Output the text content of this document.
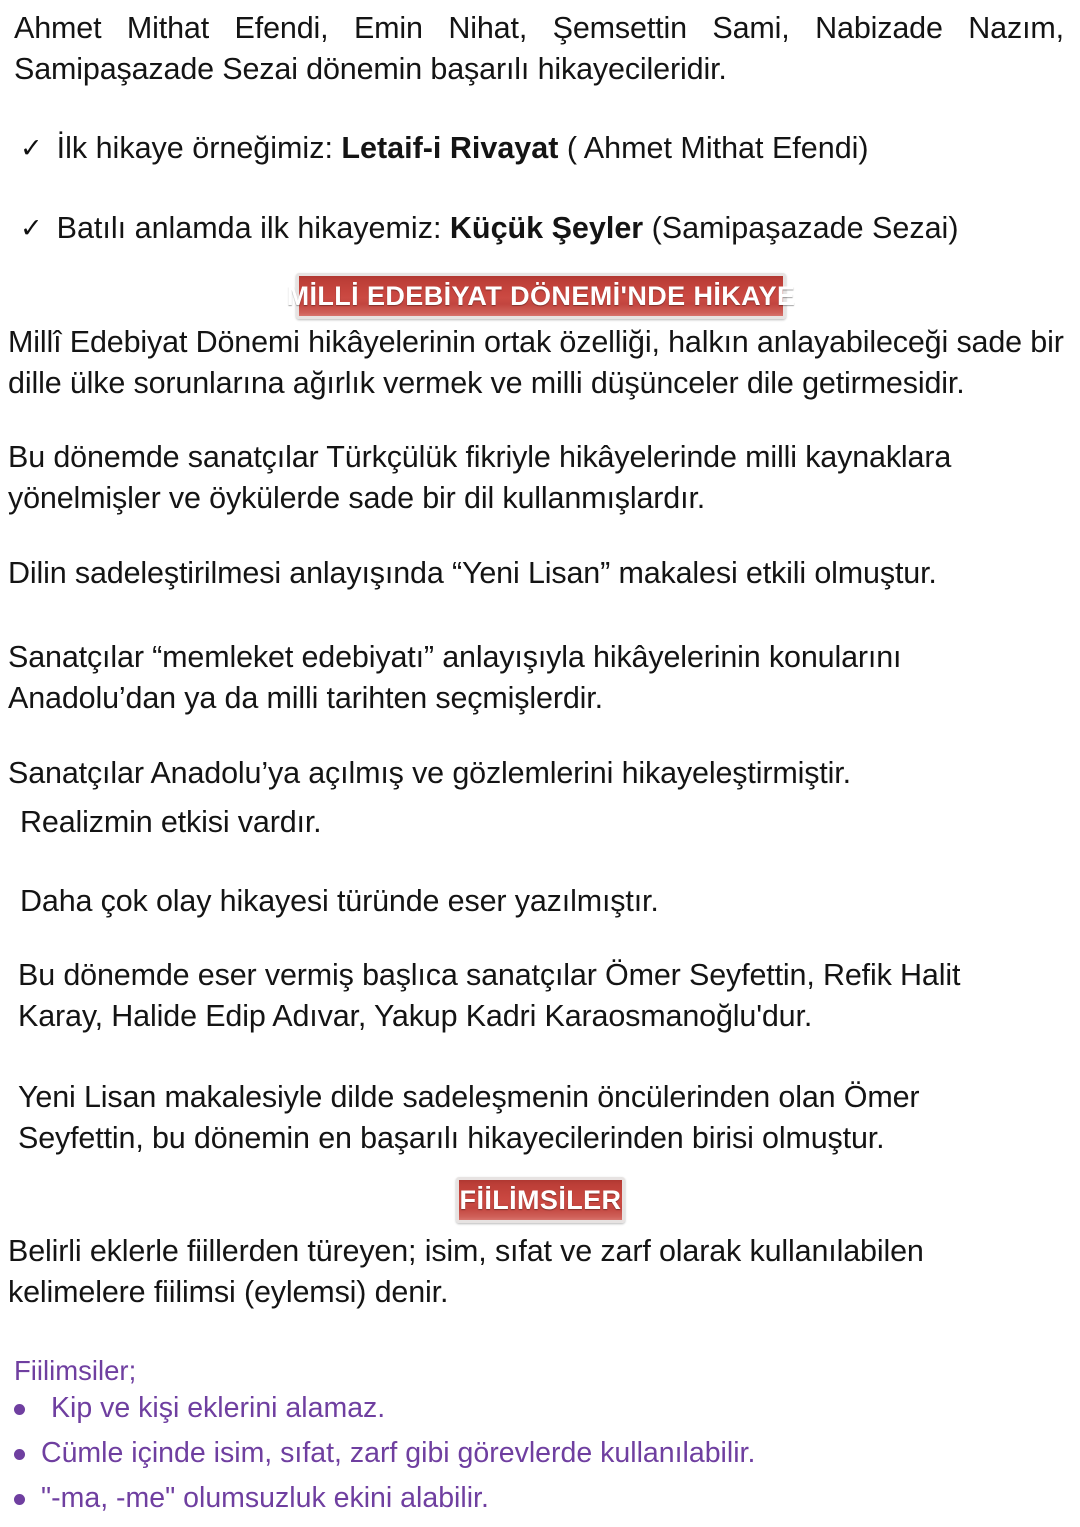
Ahmet Mithat Efendi, Emin Nihat, Şemsettin Sami, Nabizade Nazım,
Samipaşazade Sezai dönemin başarılı hikayecileridir.
✓ İlk hikaye örneğimiz: Letaif-i Rivayat ( Ahmet Mithat Efendi)
✓ Batılı anlamda ilk hikayemiz: Küçük Şeyler (Samipaşazade Sezai)
MİLLİ EDEBİYAT DÖNEMİ'NDE HİKAYE

Millî Edebiyat Dönemi hikâyelerinin ortak özelliği, halkın anlayabileceği sade bir dille ülke sorunlarına ağırlık vermek ve milli düşünceler dile getirmesidir.

Bu dönemde sanatçılar Türkçülük fikriyle hikâyelerinde milli kaynaklara yönelmişler ve öykülerde sade bir dil kullanmışlardır.

Dilin sadeleştirilmesi anlayışında “Yeni Lisan” makalesi etkili olmuştur.

Sanatçılar “memleket edebiyatı” anlayışıyla hikâyelerinin konularını Anadolu’dan ya da milli tarihten seçmişlerdir.

Sanatçılar Anadolu’ya açılmış ve gözlemlerini hikayeleştirmiştir.

Realizmin etkisi vardır.

Daha çok olay hikayesi türünde eser yazılmıştır.

Bu dönemde eser vermiş başlıca sanatçılar Ömer Seyfettin, Refik Halit Karay, Halide Edip Adıvar, Yakup Kadri Karaosmanoğlu'dur.

Yeni Lisan makalesiyle dilde sadeleşmenin öncülerinden olan Ömer Seyfettin, bu dönemin en başarılı hikayecilerinden birisi olmuştur.

FİİLİMSİLER

Belirli eklerle fiillerden türeyen; isim, sıfat ve zarf olarak kullanılabilen kelimelere fiilimsi (eylemsi) denir.

Fiilimsiler;
Kip ve kişi eklerini alamaz.
Cümle içinde isim, sıfat, zarf gibi görevlerde kullanılabilir.
"-ma, -me" olumsuzluk ekini alabilir.
